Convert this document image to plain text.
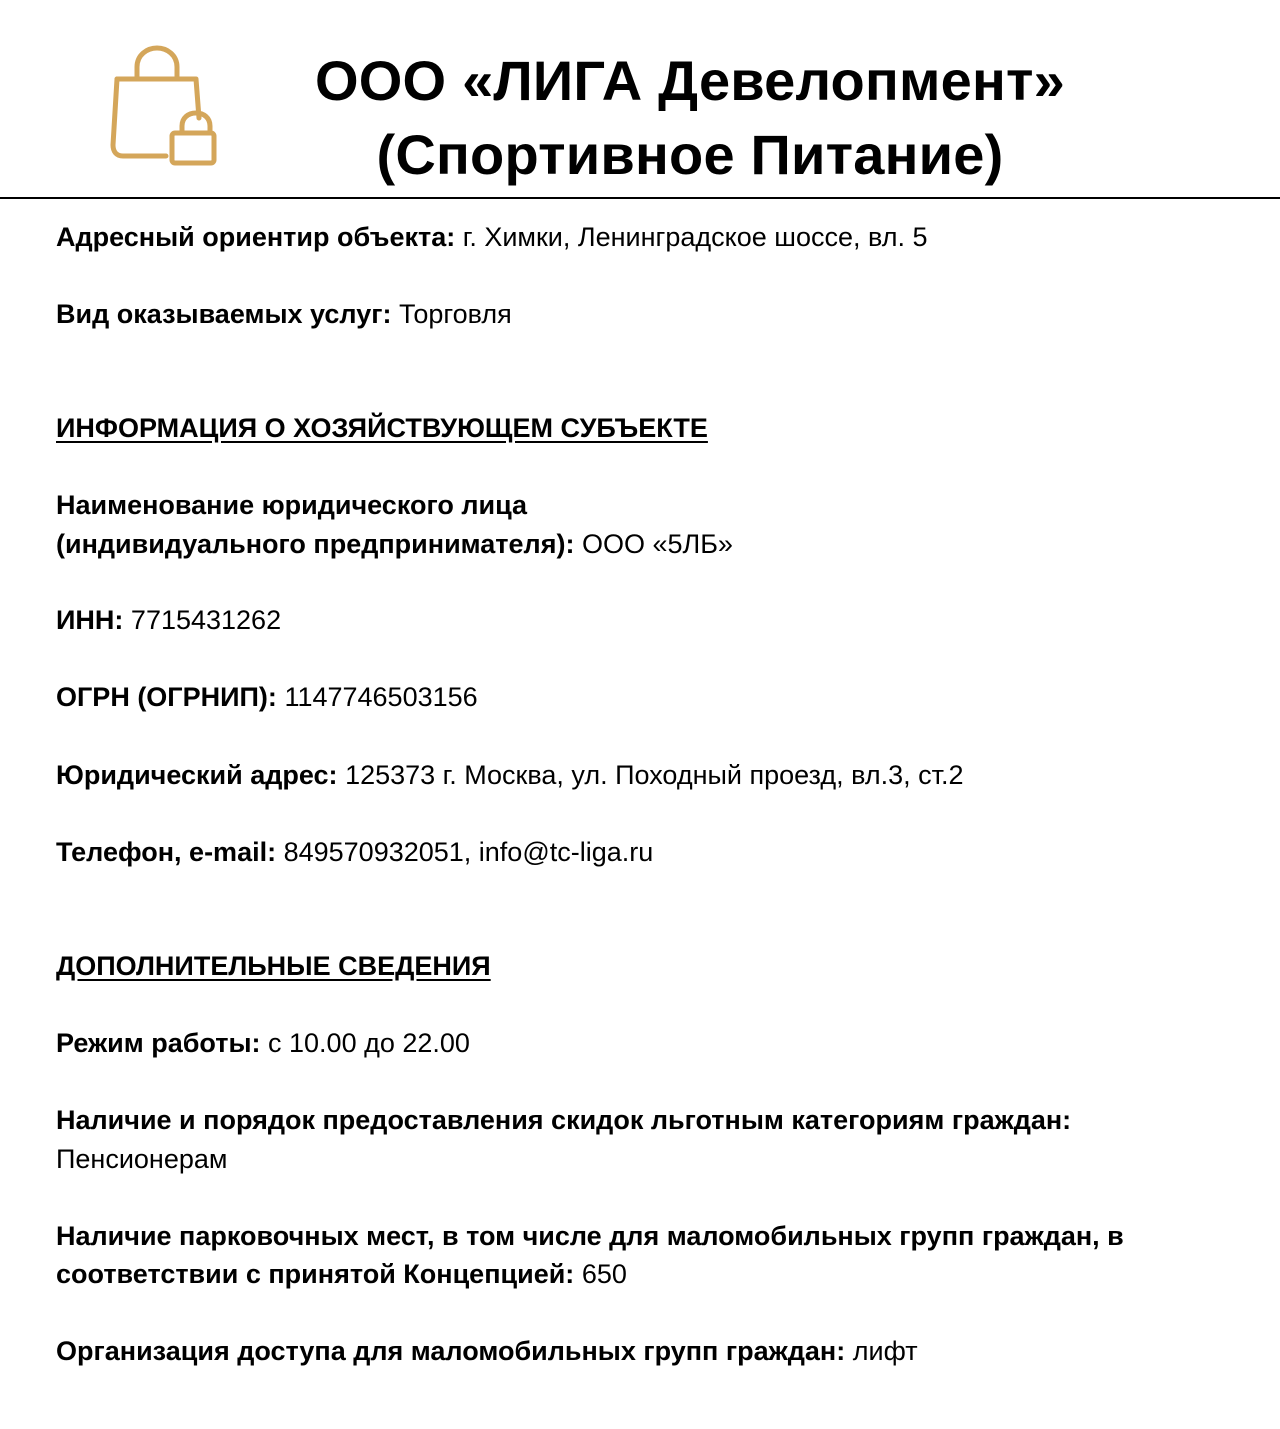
ООО «ЛИГА Девелопмент»
(Спортивное Питание)
Адресный ориентир объекта: г. Химки, Ленинградское шоссе, вл. 5
Вид оказываемых услуг: Торговля
ИНФОРМАЦИЯ О ХОЗЯЙСТВУЮЩЕМ СУБЪЕКТЕ
Наименование юридического лица
(индивидуального предпринимателя): ООО «5ЛБ»
ИНН: 7715431262
ОГРН (ОГРНИП): 1147746503156
Юридический адрес: 125373 г. Москва, ул. Походный проезд, вл.3, ст.2
Телефон, e-mail: 849570932051, info@tc-liga.ru
ДОПОЛНИТЕЛЬНЫЕ СВЕДЕНИЯ
Режим работы: с 10.00 до 22.00
Наличие и порядок предоставления скидок льготным категориям граждан:
Пенсионерам
Наличие парковочных мест, в том числе для маломобильных групп граждан, в
соответствии с принятой Концепцией: 650
Организация доступа для маломобильных групп граждан: лифт
